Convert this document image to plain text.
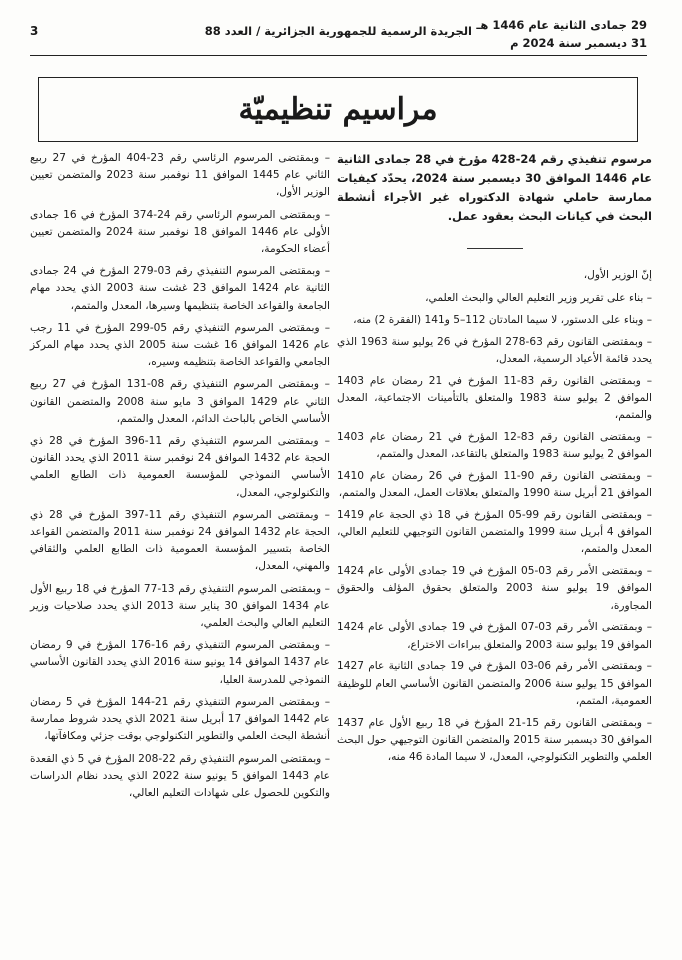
29 جمادى الثانية عام 1446 هـ
31 ديسمبر سنة 2024 م
الجريدة الرسمية للجمهورية الجزائرية / العدد 88
3
مراسيم تنظيميّة
مرسوم تنفيذي رقم 24-428 مؤرخ في 28 جمادى الثانية عام 1446 الموافق 30 ديسمبر سنة 2024، يحدّد كيفيات ممارسة حاملي شهادة الدكتوراه غير الأجراء أنشطة البحث في كيانات البحث بعقود عمل.
إنّ الوزير الأول،
– بناء على تقرير وزير التعليم العالي والبحث العلمي،
– وبناء على الدستور، لا سيما المادتان 112–5 و141 (الفقرة 2) منه،
– وبمقتضى القانون رقم 63-278 المؤرخ في 26 يوليو سنة 1963 الذي يحدد قائمة الأعياد الرسمية، المعدل،
– وبمقتضى القانون رقم 83-11 المؤرخ في 21 رمضان عام 1403 الموافق 2 يوليو سنة 1983 والمتعلق بالتأمينات الاجتماعية، المعدل والمتمم،
– وبمقتضى القانون رقم 83-12 المؤرخ في 21 رمضان عام 1403 الموافق 2 يوليو سنة 1983 والمتعلق بالتقاعد، المعدل والمتمم،
– وبمقتضى القانون رقم 90-11 المؤرخ في 26 رمضان عام 1410 الموافق 21 أبريل سنة 1990 والمتعلق بعلاقات العمل، المعدل والمتمم،
– وبمقتضى القانون رقم 99-05 المؤرخ في 18 ذي الحجة عام 1419 الموافق 4 أبريل سنة 1999 والمتضمن القانون التوجيهي للتعليم العالي، المعدل والمتمم،
– وبمقتضى الأمر رقم 03-05 المؤرخ في 19 جمادى الأولى عام 1424 الموافق 19 يوليو سنة 2003 والمتعلق بحقوق المؤلف والحقوق المجاورة،
– وبمقتضى الأمر رقم 03-07 المؤرخ في 19 جمادى الأولى عام 1424 الموافق 19 يوليو سنة 2003 والمتعلق ببراءات الاختراع،
– وبمقتضى الأمر رقم 06-03 المؤرخ في 19 جمادى الثانية عام 1427 الموافق 15 يوليو سنة 2006 والمتضمن القانون الأساسي العام للوظيفة العمومية، المتمم،
– وبمقتضى القانون رقم 15-21 المؤرخ في 18 ربيع الأول عام 1437 الموافق 30 ديسمبر سنة 2015 والمتضمن القانون التوجيهي حول البحث العلمي والتطوير التكنولوجي، المعدل، لا سيما المادة 46 منه،
– وبمقتضى المرسوم الرئاسي رقم 23-404 المؤرخ في 27 ربيع الثاني عام 1445 الموافق 11 نوفمبر سنة 2023 والمتضمن تعيين الوزير الأول،
– وبمقتضى المرسوم الرئاسي رقم 24-374 المؤرخ في 16 جمادى الأولى عام 1446 الموافق 18 نوفمبر سنة 2024 والمتضمن تعيين أعضاء الحكومة،
– وبمقتضى المرسوم التنفيذي رقم 03-279 المؤرخ في 24 جمادى الثانية عام 1424 الموافق 23 غشت سنة 2003 الذي يحدد مهام الجامعة والقواعد الخاصة بتنظيمها وسيرها، المعدل والمتمم،
– وبمقتضى المرسوم التنفيذي رقم 05-299 المؤرخ في 11 رجب عام 1426 الموافق 16 غشت سنة 2005 الذي يحدد مهام المركز الجامعي والقواعد الخاصة بتنظيمه وسيره،
– وبمقتضى المرسوم التنفيذي رقم 08-131 المؤرخ في 27 ربيع الثاني عام 1429 الموافق 3 مايو سنة 2008 والمتضمن القانون الأساسي الخاص بالباحث الدائم، المعدل والمتمم،
– وبمقتضى المرسوم التنفيذي رقم 11-396 المؤرخ في 28 ذي الحجة عام 1432 الموافق 24 نوفمبر سنة 2011 الذي يحدد القانون الأساسي النموذجي للمؤسسة العمومية ذات الطابع العلمي والتكنولوجي، المعدل،
– وبمقتضى المرسوم التنفيذي رقم 11-397 المؤرخ في 28 ذي الحجة عام 1432 الموافق 24 نوفمبر سنة 2011 والمتضمن القواعد الخاصة بتسيير المؤسسة العمومية ذات الطابع العلمي والثقافي والمهني، المعدل،
– وبمقتضى المرسوم التنفيذي رقم 13-77 المؤرخ في 18 ربيع الأول عام 1434 الموافق 30 يناير سنة 2013 الذي يحدد صلاحيات وزير التعليم العالي والبحث العلمي،
– وبمقتضى المرسوم التنفيذي رقم 16-176 المؤرخ في 9 رمضان عام 1437 الموافق 14 يونيو سنة 2016 الذي يحدد القانون الأساسي النموذجي للمدرسة العليا،
– وبمقتضى المرسوم التنفيذي رقم 21-144 المؤرخ في 5 رمضان عام 1442 الموافق 17 أبريل سنة 2021 الذي يحدد شروط ممارسة أنشطة البحث العلمي والتطوير التكنولوجي بوقت جزئي ومكافآتها،
– وبمقتضى المرسوم التنفيذي رقم 22-208 المؤرخ في 5 ذي القعدة عام 1443 الموافق 5 يونيو سنة 2022 الذي يحدد نظام الدراسات والتكوين للحصول على شهادات التعليم العالي،
